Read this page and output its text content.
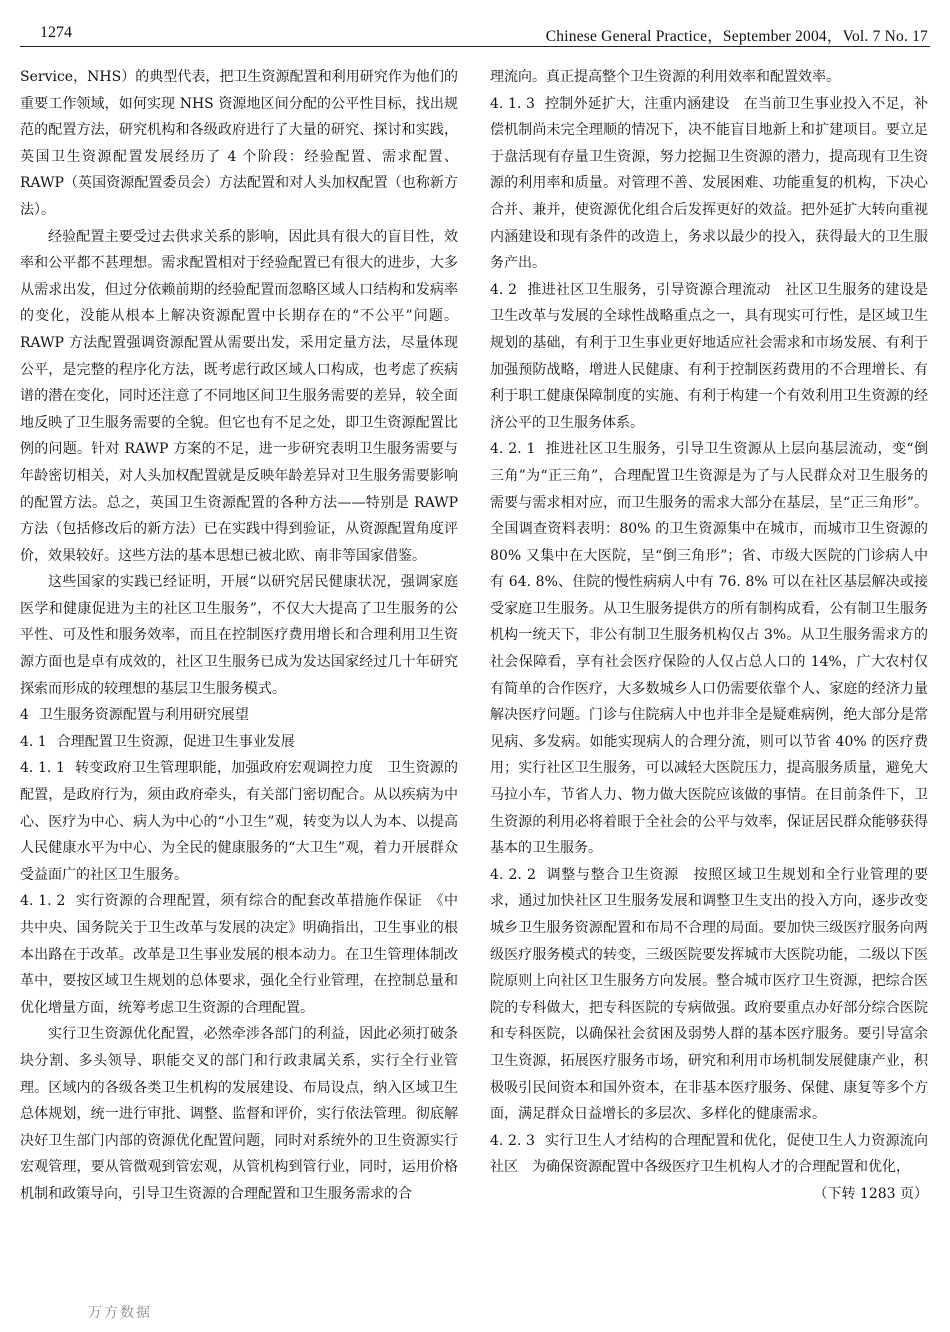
1274	Chinese General Practice，September 2004，Vol. 7 No. 17

Service，NHS）的典型代表，把卫生资源配置和利用研究作为他们的重要工作领域，如何实现 NHS 资源地区间分配的公平性目标，找出规范的配置方法，研究机构和各级政府进行了大量的研究、探讨和实践，英国卫生资源配置发展经历了 4 个阶段：经验配置、需求配置、RAWP（英国资源配置委员会）方法配置和对人头加权配置（也称新方法）。

经验配置主要受过去供求关系的影响，因此具有很大的盲目性，效率和公平都不甚理想。需求配置相对于经验配置已有很大的进步，大多从需求出发，但过分依赖前期的经验配置而忽略区域人口结构和发病率的变化，没能从根本上解决资源配置中长期存在的“不公平”问题。RAWP 方法配置强调资源配置从需要出发，采用定量方法，尽量体现公平，是完整的程序化方法，既考虑行政区域人口构成，也考虑了疾病谱的潜在变化，同时还注意了不同地区间卫生服务需要的差异，较全面地反映了卫生服务需要的全貌。但它也有不足之处，即卫生资源配置比例的问题。针对 RAWP 方案的不足，进一步研究表明卫生服务需要与年龄密切相关，对人头加权配置就是反映年龄差异对卫生服务需要影响的配置方法。总之，英国卫生资源配置的各种方法——特别是 RAWP 方法（包括修改后的新方法）已在实践中得到验证，从资源配置角度评价，效果较好。这些方法的基本思想已被北欧、南非等国家借鉴。

这些国家的实践已经证明，开展“以研究居民健康状况，强调家庭医学和健康促进为主的社区卫生服务”，不仅大大提高了卫生服务的公平性、可及性和服务效率，而且在控制医疗费用增长和合理利用卫生资源方面也是卓有成效的，社区卫生服务已成为发达国家经过几十年研究探索而形成的较理想的基层卫生服务模式。

4 卫生服务资源配置与利用研究展望

4. 1 合理配置卫生资源，促进卫生事业发展

4. 1. 1 转变政府卫生管理职能，加强政府宏观调控力度　卫生资源的配置，是政府行为，须由政府牵头，有关部门密切配合。从以疾病为中心、医疗为中心、病人为中心的“小卫生”观，转变为以人为本、以提高人民健康水平为中心、为全民的健康服务的“大卫生”观，着力开展群众受益面广的社区卫生服务。

4. 1. 2 实行资源的合理配置，须有综合的配套改革措施作保证　《中共中央、国务院关于卫生改革与发展的决定》明确指出，卫生事业的根本出路在于改革。改革是卫生事业发展的根本动力。在卫生管理体制改革中，要按区域卫生规划的总体要求，强化全行业管理，在控制总量和优化增量方面，统筹考虑卫生资源的合理配置。

实行卫生资源优化配置，必然牵涉各部门的利益，因此必须打破条块分割、多头领导、职能交叉的部门和行政隶属关系，实行全行业管理。区域内的各级各类卫生机构的发展建设、布局设点，纳入区域卫生总体规划，统一进行审批、调整、监督和评价，实行依法管理。彻底解决好卫生部门内部的资源优化配置问题，同时对系统外的卫生资源实行宏观管理，要从管微观到管宏观，从管机构到管行业，同时，运用价格机制和政策导向，引导卫生资源的合理配置和卫生服务需求的合

理流向。真正提高整个卫生资源的利用效率和配置效率。

4. 1. 3 控制外延扩大，注重内涵建设　在当前卫生事业投入不足，补偿机制尚未完全理顺的情况下，决不能盲目地新上和扩建项目。要立足于盘活现有存量卫生资源，努力挖掘卫生资源的潜力，提高现有卫生资源的利用率和质量。对管理不善、发展困难、功能重复的机构，下决心合并、兼并，使资源优化组合后发挥更好的效益。把外延扩大转向重视内涵建设和现有条件的改造上，务求以最少的投入，获得最大的卫生服务产出。

4. 2 推进社区卫生服务，引导资源合理流动　社区卫生服务的建设是卫生改革与发展的全球性战略重点之一，具有现实可行性，是区域卫生规划的基础，有利于卫生事业更好地适应社会需求和市场发展、有利于加强预防战略，增进人民健康、有利于控制医药费用的不合理增长、有利于职工健康保障制度的实施、有利于构建一个有效利用卫生资源的经济公平的卫生服务体系。

4. 2. 1 推进社区卫生服务，引导卫生资源从上层向基层流动，变“倒三角”为“正三角”，合理配置卫生资源是为了与人民群众对卫生服务的需要与需求相对应，而卫生服务的需求大部分在基层，呈“正三角形”。全国调查资料表明：80% 的卫生资源集中在城市，而城市卫生资源的 80% 又集中在大医院，呈“倒三角形”；省、市级大医院的门诊病人中有 64. 8%、住院的慢性病病人中有 76. 8% 可以在社区基层解决或接受家庭卫生服务。从卫生服务提供方的所有制构成看，公有制卫生服务机构一统天下，非公有制卫生服务机构仅占 3%。从卫生服务需求方的社会保障看，享有社会医疗保险的人仅占总人口的 14%，广大农村仅有简单的合作医疗，大多数城乡人口仍需要依靠个人、家庭的经济力量解决医疗问题。门诊与住院病人中也并非全是疑难病例，绝大部分是常见病、多发病。如能实现病人的合理分流，则可以节省 40% 的医疗费用；实行社区卫生服务，可以减轻大医院压力，提高服务质量，避免大马拉小车，节省人力、物力做大医院应该做的事情。在目前条件下，卫生资源的利用必将着眼于全社会的公平与效率，保证居民群众能够获得基本的卫生服务。

4. 2. 2 调整与整合卫生资源　按照区域卫生规划和全行业管理的要求，通过加快社区卫生服务发展和调整卫生支出的投入方向，逐步改变城乡卫生服务资源配置和布局不合理的局面。要加快三级医疗服务向两级医疗服务模式的转变，三级医院要发挥城市大医院功能，二级以下医院原则上向社区卫生服务方向发展。整合城市医疗卫生资源，把综合医院的专科做大，把专科医院的专病做强。政府要重点办好部分综合医院和专科医院，以确保社会贫困及弱势人群的基本医疗服务。要引导富余卫生资源，拓展医疗服务市场，研究和利用市场机制发展健康产业，积极吸引民间资本和国外资本，在非基本医疗服务、保健、康复等多个方面，满足群众日益增长的多层次、多样化的健康需求。

4. 2. 3 实行卫生人才结构的合理配置和优化，促使卫生人力资源流向社区　为确保资源配置中各级医疗卫生机构人才的合理配置和优化，
（下转 1283 页）

万方数据
